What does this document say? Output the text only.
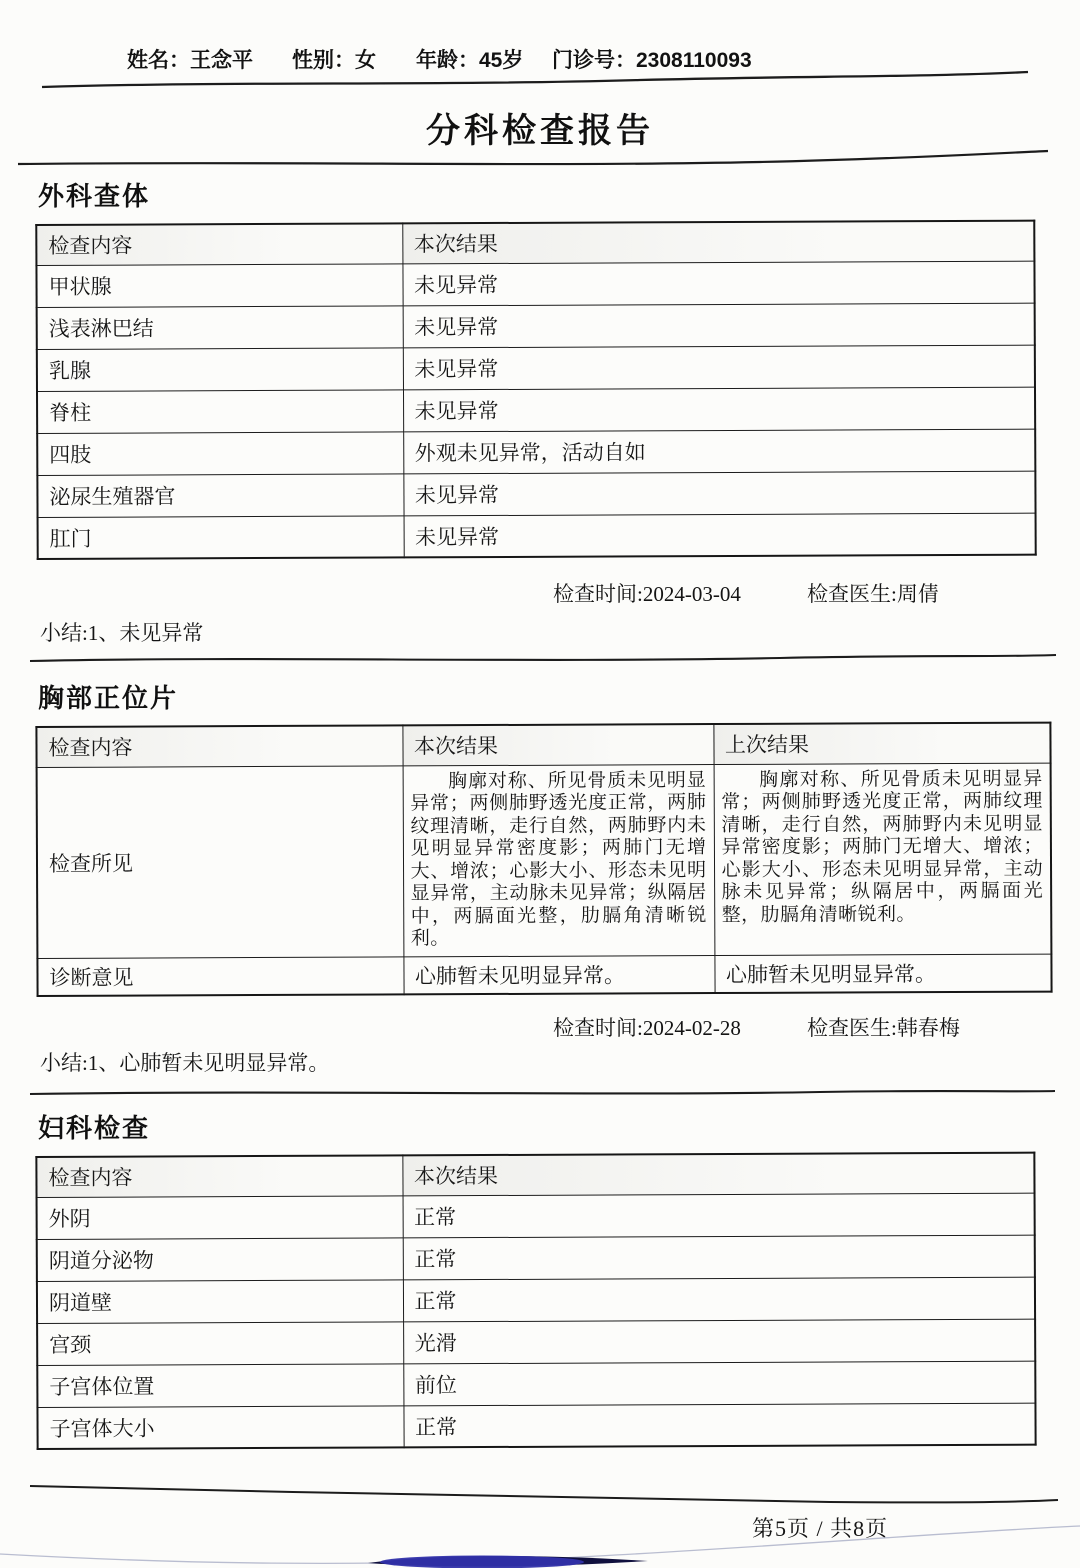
姓名：王念平 性别：女 年龄：45岁 门诊号：2308110093
分科检查报告
外科查体
检查内容	本次结果
甲状腺	未见异常
浅表淋巴结	未见异常
乳腺	未见异常
脊柱	未见异常
四肢	外观未见异常，活动自如
泌尿生殖器官	未见异常
肛门	未见异常
检查时间:2024-03-04	检查医生:周倩
小结:1、未见异常
胸部正位片
检查内容	本次结果	上次结果
检查所见	胸廓对称、所见骨质未见明显异常；两侧肺野透光度正常，两肺纹理清晰，走行自然，两肺野内未见明显异常密度影；两肺门无增大、增浓；心影大小、形态未见明显异常，主动脉未见异常；纵隔居中，两膈面光整，肋膈角清晰锐利。	胸廓对称、所见骨质未见明显异常；两侧肺野透光度正常，两肺纹理清晰，走行自然，两肺野内未见明显异常密度影；两肺门无增大、增浓；心影大小、形态未见明显异常，主动脉未见异常；纵隔居中，两膈面光整，肋膈角清晰锐利。
诊断意见	心肺暂未见明显异常。	心肺暂未见明显异常。
检查时间:2024-02-28	检查医生:韩春梅
小结:1、心肺暂未见明显异常。
妇科检查
检查内容	本次结果
外阴	正常
阴道分泌物	正常
阴道壁	正常
宫颈	光滑
子宫体位置	前位
子宫体大小	正常
第5页 / 共8页
